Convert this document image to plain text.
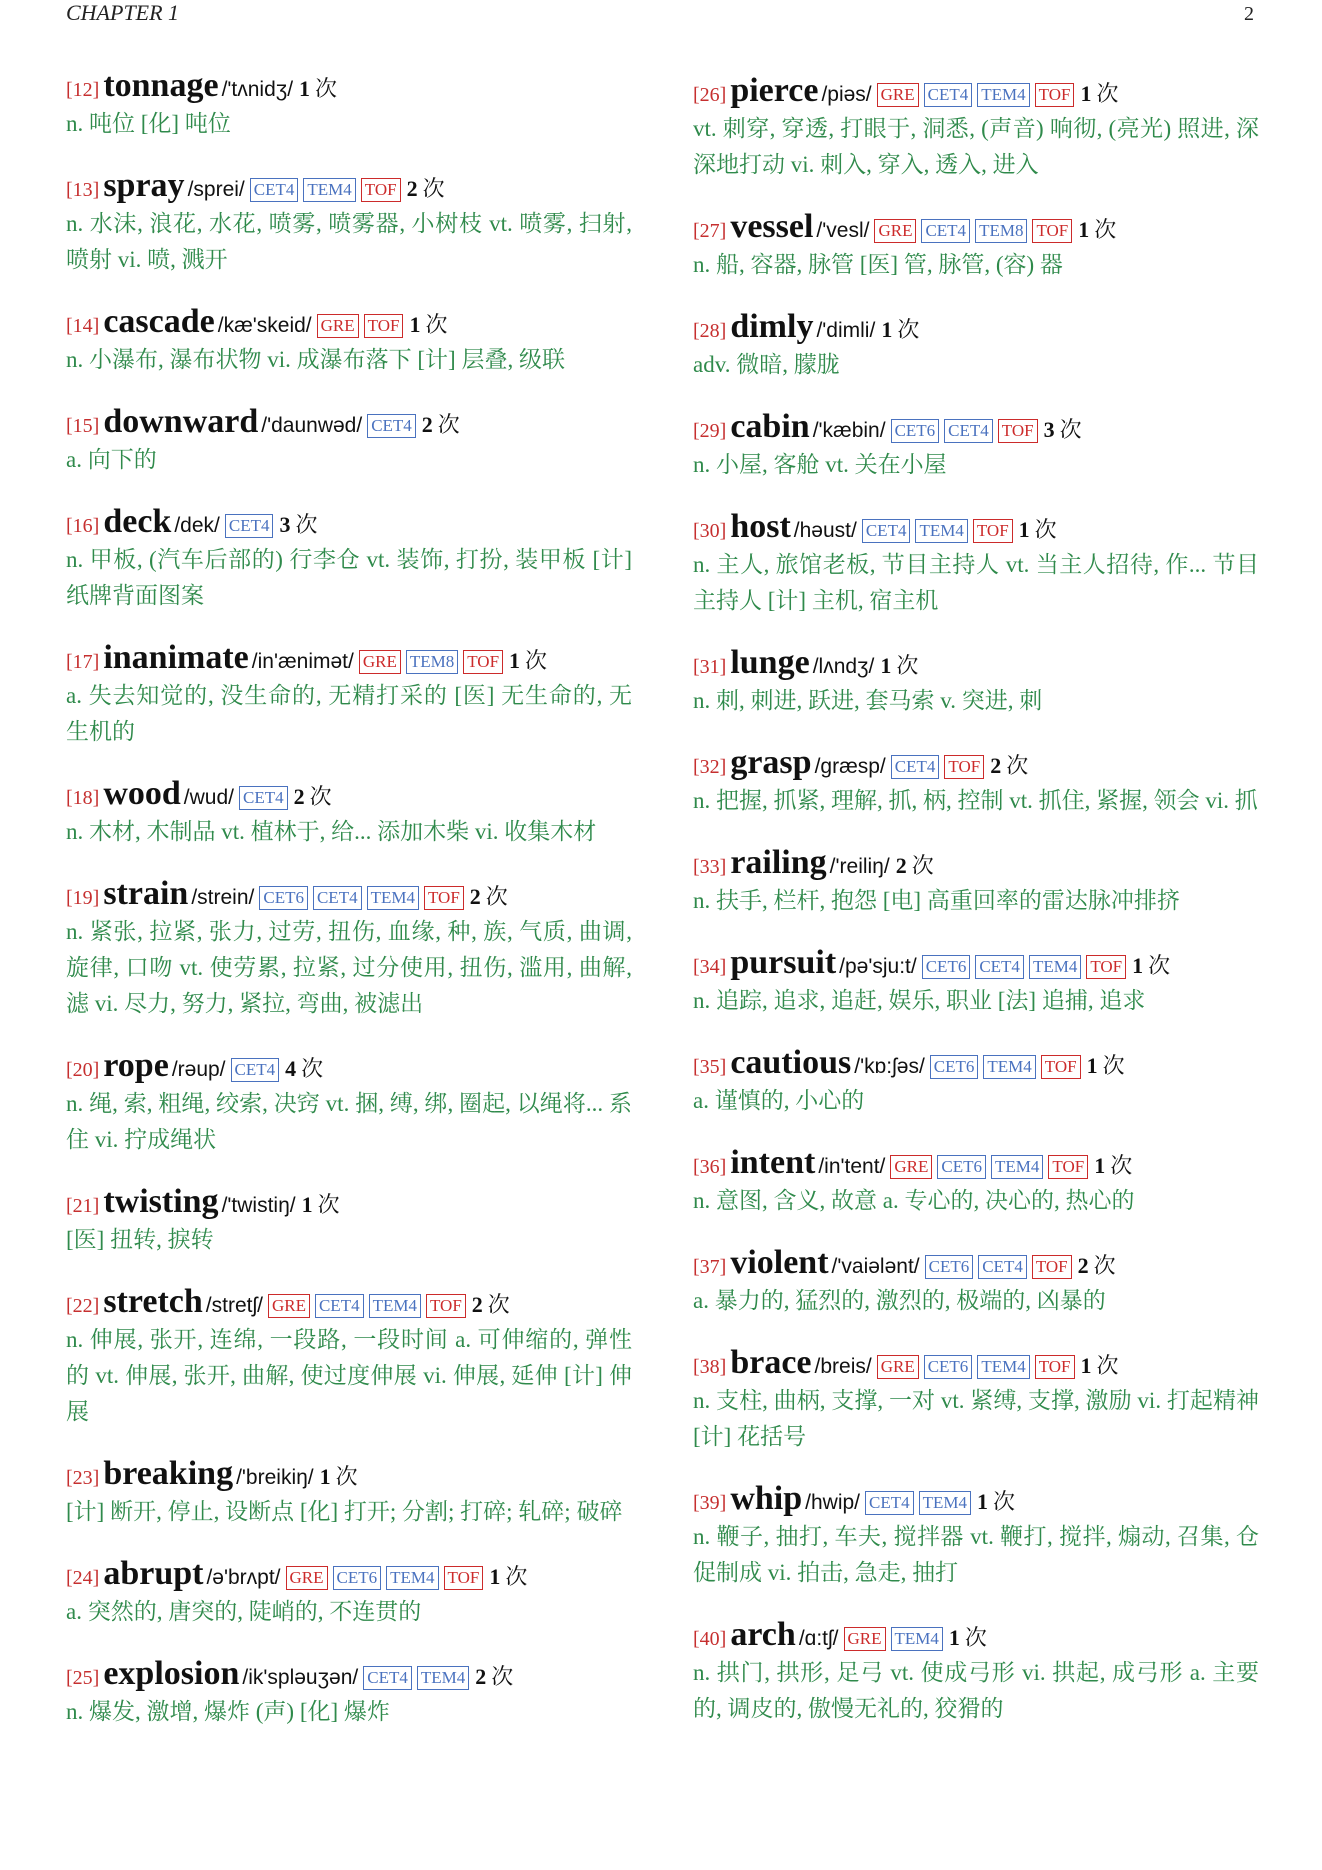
CHAPTER 1	2
[12] tonnage /'tʌnidʒ/ 1 次
n. 吨位 [化] 吨位
[13] spray /sprei/ CET4 TEM4 TOF 2 次
n. 水沫, 浪花, 水花, 喷雾, 喷雾器, 小树枝 vt. 喷雾, 扫射, 喷射 vi. 喷, 溅开
[14] cascade /kæ'skeid/ GRE TOF 1 次
n. 小瀑布, 瀑布状物 vi. 成瀑布落下 [计] 层叠, 级联
[15] downward /'daunwəd/ CET4 2 次
a. 向下的
[16] deck /dek/ CET4 3 次
n. 甲板, (汽车后部的) 行李仓 vt. 装饰, 打扮, 装甲板 [计] 纸牌背面图案
[17] inanimate /in'ænimət/ GRE TEM8 TOF 1 次
a. 失去知觉的, 没生命的, 无精打采的 [医] 无生命的, 无生机的
[18] wood /wud/ CET4 2 次
n. 木材, 木制品 vt. 植林于, 给... 添加木柴 vi. 收集木材
[19] strain /strein/ CET6 CET4 TEM4 TOF 2 次
n. 紧张, 拉紧, 张力, 过劳, 扭伤, 血缘, 种, 族, 气质, 曲调, 旋律, 口吻 vt. 使劳累, 拉紧, 过分使用, 扭伤, 滥用, 曲解, 滤 vi. 尽力, 努力, 紧拉, 弯曲, 被滤出
[20] rope /rəup/ CET4 4 次
n. 绳, 索, 粗绳, 绞索, 决窍 vt. 捆, 缚, 绑, 圈起, 以绳将... 系住 vi. 拧成绳状
[21] twisting /'twistiŋ/ 1 次
[医] 扭转, 捩转
[22] stretch /stretʃ/ GRE CET4 TEM4 TOF 2 次
n. 伸展, 张开, 连绵, 一段路, 一段时间 a. 可伸缩的, 弹性的 vt. 伸展, 张开, 曲解, 使过度伸展 vi. 伸展, 延伸 [计] 伸展
[23] breaking /'breikiŋ/ 1 次
[计] 断开, 停止, 设断点 [化] 打开; 分割; 打碎; 轧碎; 破碎
[24] abrupt /ə'brʌpt/ GRE CET6 TEM4 TOF 1 次
a. 突然的, 唐突的, 陡峭的, 不连贯的
[25] explosion /ik'spləuʒən/ CET4 TEM4 2 次
n. 爆发, 激增, 爆炸 (声) [化] 爆炸
[26] pierce /piəs/ GRE CET4 TEM4 TOF 1 次
vt. 刺穿, 穿透, 打眼于, 洞悉, (声音) 响彻, (亮光) 照进, 深深地打动 vi. 刺入, 穿入, 透入, 进入
[27] vessel /'vesl/ GRE CET4 TEM8 TOF 1 次
n. 船, 容器, 脉管 [医] 管, 脉管, (容) 器
[28] dimly /'dimli/ 1 次
adv. 微暗, 朦胧
[29] cabin /'kæbin/ CET6 CET4 TOF 3 次
n. 小屋, 客舱 vt. 关在小屋
[30] host /həust/ CET4 TEM4 TOF 1 次
n. 主人, 旅馆老板, 节目主持人 vt. 当主人招待, 作... 节目主持人 [计] 主机, 宿主机
[31] lunge /lʌndʒ/ 1 次
n. 刺, 刺进, 跃进, 套马索 v. 突进, 刺
[32] grasp /græsp/ CET4 TOF 2 次
n. 把握, 抓紧, 理解, 抓, 柄, 控制 vt. 抓住, 紧握, 领会 vi. 抓
[33] railing /'reiliŋ/ 2 次
n. 扶手, 栏杆, 抱怨 [电] 高重回率的雷达脉冲排挤
[34] pursuit /pə'sju:t/ CET6 CET4 TEM4 TOF 1 次
n. 追踪, 追求, 追赶, 娱乐, 职业 [法] 追捕, 追求
[35] cautious /'kɒ:ʃəs/ CET6 TEM4 TOF 1 次
a. 谨慎的, 小心的
[36] intent /in'tent/ GRE CET6 TEM4 TOF 1 次
n. 意图, 含义, 故意 a. 专心的, 决心的, 热心的
[37] violent /'vaiələnt/ CET6 CET4 TOF 2 次
a. 暴力的, 猛烈的, 激烈的, 极端的, 凶暴的
[38] brace /breis/ GRE CET6 TEM4 TOF 1 次
n. 支柱, 曲柄, 支撑, 一对 vt. 紧缚, 支撑, 激励 vi. 打起精神 [计] 花括号
[39] whip /hwip/ CET4 TEM4 1 次
n. 鞭子, 抽打, 车夫, 搅拌器 vt. 鞭打, 搅拌, 煽动, 召集, 仓促制成 vi. 拍击, 急走, 抽打
[40] arch /ɑ:tʃ/ GRE TEM4 1 次
n. 拱门, 拱形, 足弓 vt. 使成弓形 vi. 拱起, 成弓形 a. 主要的, 调皮的, 傲慢无礼的, 狡猾的
